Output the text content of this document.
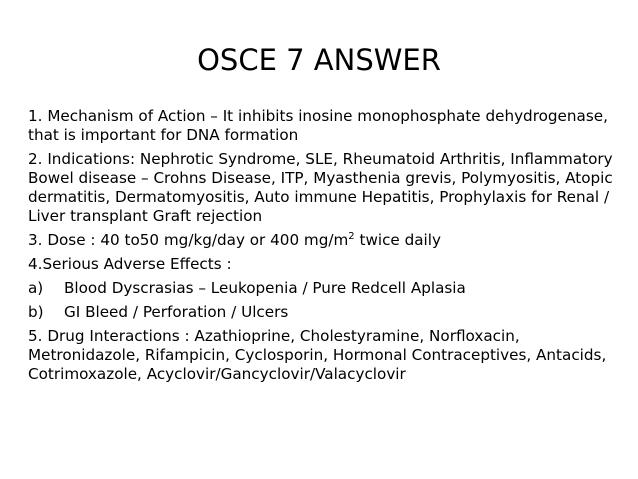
OSCE 7 ANSWER

1. Mechanism of Action – It inhibits inosine monophosphate dehydrogenase, that is important for DNA formation

2. Indications: Nephrotic Syndrome, SLE, Rheumatoid Arthritis, Inflammatory Bowel disease – Crohns Disease, ITP, Myasthenia grevis, Polymyositis, Atopic dermatitis, Dermatomyositis, Auto immune Hepatitis, Prophylaxis for Renal / Liver transplant Graft rejection

3. Dose : 40 to50 mg/kg/day or 400 $mg/m^2$ twice daily

4.Serious Adverse Effects :

a)	Blood Dyscrasias – Leukopenia / Pure Redcell Aplasia
b)	GI Bleed / Perforation / Ulcers

5. Drug Interactions : Azathioprine, Cholestyramine, Norfloxacin, Metronidazole, Rifampicin, Cyclosporin, Hormonal Contraceptives, Antacids, Cotrimoxazole, Acyclovir/Gancyclovir/Valacyclovir
